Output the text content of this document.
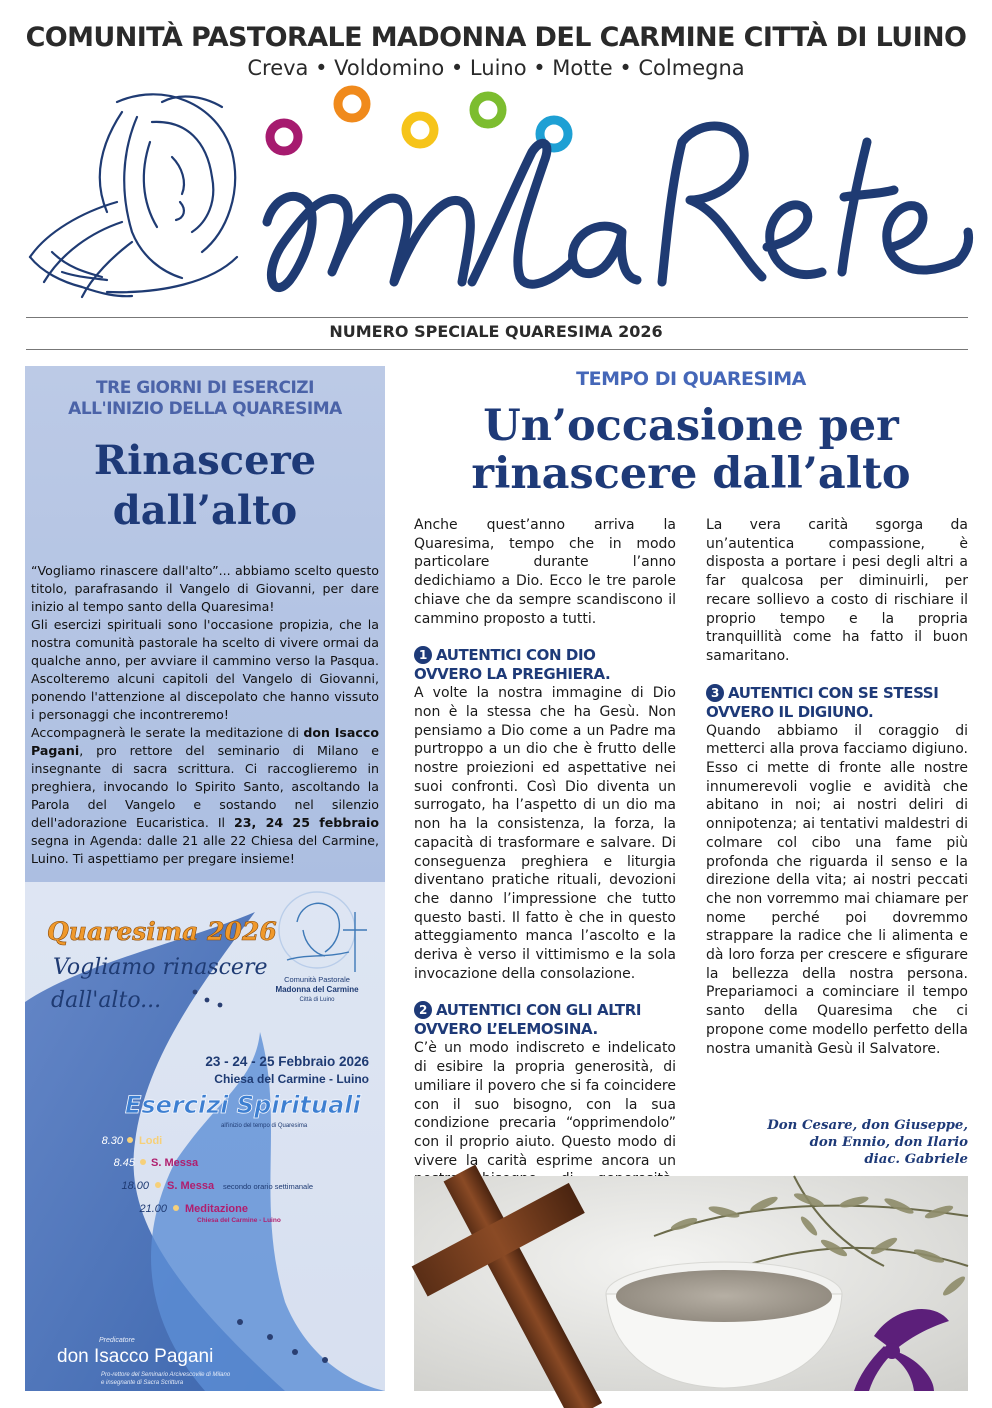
COMUNITÀ PASTORALE MADONNA DEL CARMINE CITTÀ DI LUINO
Creva • Voldomino • Luino • Motte • Colmegna
NUMERO SPECIALE QUARESIMA 2026
TRE GIORNI DI ESERCIZI
ALL'INIZIO DELLA QUARESIMA
Rinascere
dall’alto

“Vogliamo rinascere dall'alto”... abbiamo scelto questo titolo, parafrasando il Vangelo di Giovanni, per dare inizio al tempo santo della Quaresima!

Gli esercizi spirituali sono l'occasione propizia, che la nostra comunità pastorale ha scelto di vivere ormai da qualche anno, per avviare il cammino verso la Pasqua. Ascolteremo alcuni capitoli del Vangelo di Giovanni, ponendo l'attenzione al discepolato che hanno vissuto i personaggi che incontreremo!

Accompagnerà le serate la meditazione di don Isacco Pagani, pro rettore del seminario di Milano e insegnante di sacra scrittura. Ci raccoglieremo in preghiera, invocando lo Spirito Santo, ascoltando la Parola del Vangelo e sostando nel silenzio dell'adorazione Eucaristica. Il 23, 24 25 febbraio segna in Agenda: dalle 21 alle 22 Chiesa del Carmine, Luino. Ti aspettiamo per pregare insieme!

Quaresima 2026
Vogliamo rinascere
dall'alto...
Comunità Pastorale
Madonna del Carmine
Città di Luino
23 - 24 - 25 Febbraio 2026
Chiesa del Carmine - Luino
Esercizi Spirituali
all'inizio del tempo di Quaresima
8.30 Lodi
8.45 S. Messa
18.00 S. Messa secondo orario settimanale
21.00 Meditazione
Chiesa del Carmine - Luino
Predicatore
don Isacco Pagani
Pro-rettore del Seminario Arcivescovile di Milano
e insegnante di Sacra Scrittura
TEMPO DI QUARESIMA
Un’occasione per
rinascere dall’alto

Anche quest’anno arriva la Quaresima, tempo che in modo particolare durante l’anno dedichiamo a Dio. Ecco le tre parole chiave che da sempre scandiscono il cammino proposto a tutti.

1 AUTENTICI CON DIO
OVVERO LA PREGHIERA.

A volte la nostra immagine di Dio non è la stessa che ha Gesù. Non pensiamo a Dio come a un Padre ma purtroppo a un dio che è frutto delle nostre proiezioni ed aspettative nei suoi confronti. Così Dio diventa un surrogato, ha l’aspetto di un dio ma non ha la consistenza, la forza, la capacità di trasformare e salvare. Di conseguenza preghiera e liturgia diventano pratiche rituali, devozioni che danno l’impressione che tutto questo basti. Il fatto è che in questo atteggiamento manca l’ascolto e la deriva è verso il vittimismo e la sola invocazione della consolazione.

2 AUTENTICI CON GLI ALTRI
OVVERO L’ELEMOSINA.

C’è un modo indiscreto e indelicato di esibire la propria generosità, di umiliare il povero che si fa coincidere con il suo bisogno, con la sua condizione precaria “opprimendolo” con il proprio aiuto. Questo modo di vivere la carità esprime ancora un

La vera carità sgorga da un’autentica compassione, è disposta a portare i pesi degli altri a far qualcosa per diminuirli, per recare sollievo a costo di rischiare il proprio tempo e la propria tranquillità come ha fatto il buon samaritano.

3 AUTENTICI CON SE STESSI
OVVERO IL DIGIUNO.

Quando abbiamo il coraggio di metterci alla prova facciamo digiuno. Esso ci mette di fronte alle nostre innumerevoli voglie e avidità che abitano in noi; ai nostri deliri di onnipotenza; ai tentativi maldestri di colmare col cibo una fame più profonda che riguarda il senso e la direzione della vita; ai nostri peccati che non vorremmo mai chiamare per nome perché poi dovremmo strappare la radice che li alimenta e dà loro forza per crescere e sfigurare la bellezza della nostra persona. Prepariamoci a cominciare il tempo santo della Quaresima che ci propone come modello perfetto della nostra umanità Gesù il Salvatore.

Don Cesare, don Giuseppe,
don Ennio, don Ilario
diac. Gabriele
